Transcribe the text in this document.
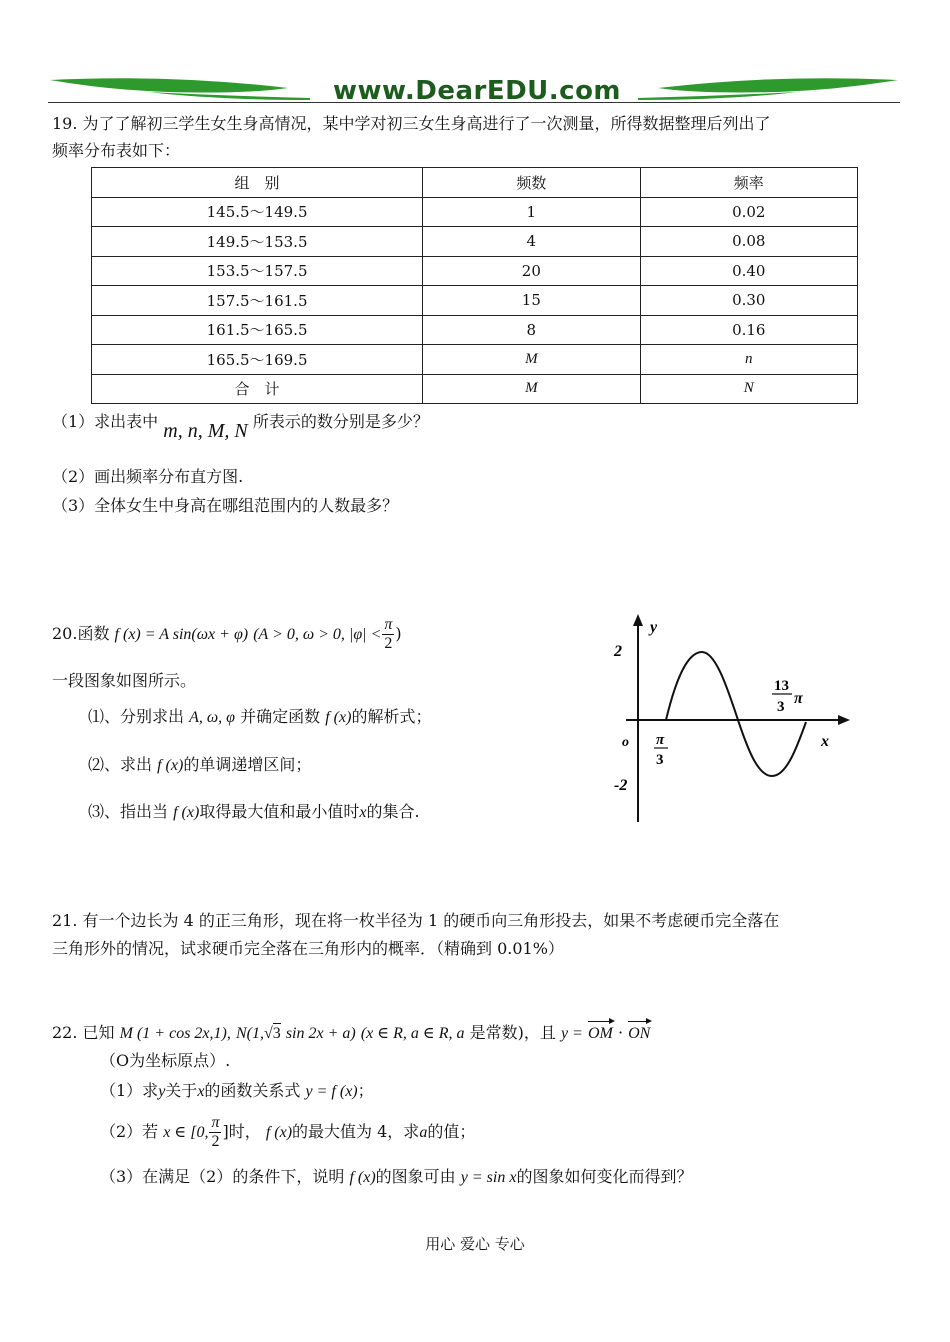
www.DearEDU.com
19. 为了了解初三学生女生身高情况，某中学对初三女生身高进行了一次测量，所得数据整理后列出了
频率分布表如下：
组　别	频数	频率
145.5～149.5	1	0.02
149.5～153.5	4	0.08
153.5～157.5	20	0.40
157.5～161.5	15	0.30
161.5～165.5	8	0.16
165.5～169.5	M	n
合　计	M	N
（1）求出表中 m, n, M, N 所表示的数分别是多少？
（2）画出频率分布直方图.
（3）全体女生中身高在哪组范围内的人数最多？
20.函数 f (x) = A sin(ωx + φ) (A > 0, ω > 0, $|\varphi| < \frac{\pi}{2}$ )
一段图象如图所示。
⑴、分别求出 A, ω, φ 并确定函数 f (x)的解析式；
⑵、求出 f (x)的单调递增区间；
⑶、指出当 f (x)取得最大值和最小值时x的集合.
y
x
o
2
-2
π
3
13
3 π
21. 有一个边长为 4 的正三角形，现在将一枚半径为 1 的硬币向三角形投去，如果不考虑硬币完全落在
三角形外的情况，试求硬币完全落在三角形内的概率．（精确到 0.01%）
22. 已知 M (1 + cos 2x,1), N(1,√3 sin 2x + a) (x ∈ R, a ∈ R, a 是常数)，且 y = OM · ON
（O为坐标原点）.
（1）求y关于x的函数关系式 y = f (x)；
（2）若 x ∈ [0, $\frac{\pi}{2}$ ]时， f (x)的最大值为 4，求a的值；
（3）在满足（2）的条件下，说明 f (x)的图象可由 y = sin x的图象如何变化而得到？
用心 爱心 专心
